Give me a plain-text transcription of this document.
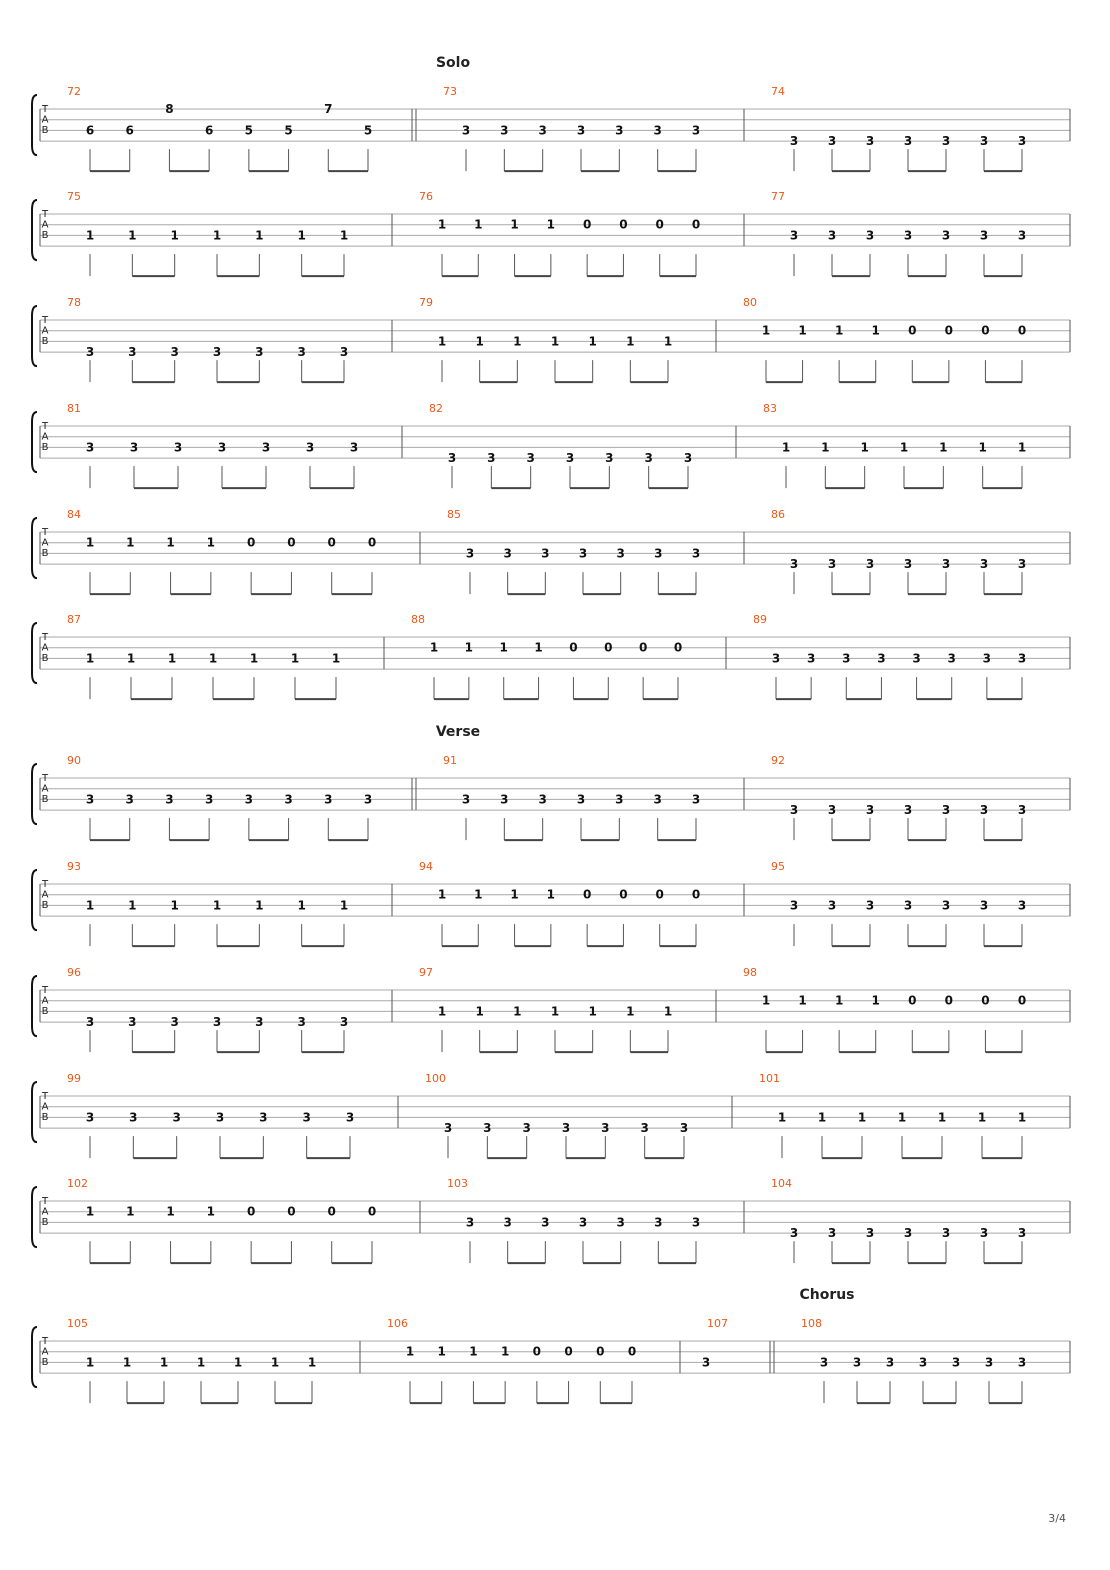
T
A
B
Solo
72
6	6
8
6	5	5
7
5
73
3 3 3 3 3 3 3
74
3 3 3 3 3 3 3
T
A
B
75
1	1	1	1	1	1	1
76
1 1 1 1 0 0 0 0
77
3 3 3 3 3 3 3
T
A
B
78
3	3	3	3	3	3	3
79
1 1 1 1 1 1 1
80
1 1 1 1 0 0 0 0
T
A
B
81
3	3	3	3	3	3	3
82
3	3	3	3	3	3	3
83
1	1	1	1	1	1	1
T
A
B
84
1	1	1	1	0	0	0	0
85
3 3 3 3 3 3 3
86
3 3 3 3 3 3 3
T
A
B
87
1	1	1	1	1	1	1
88
1 1 1 1 0 0 0 0
89
3 3 3 3 3 3 3 3
T
A
B
Verse
90
3	3	3	3	3	3	3	3
91
3 3 3 3 3 3 3
92
3 3 3 3 3 3 3
T
A
B
93
1	1	1	1	1	1	1
94
1 1 1 1 0 0 0 0
95
3 3 3 3 3 3 3
T
A
B
96
3	3	3	3	3	3	3
97
1 1 1 1 1 1 1
98
1 1 1 1 0 0 0 0
T
A
B
99
3	3	3	3	3	3	3
100
3	3	3	3	3	3	3
101
1	1	1	1	1	1	1
T
A
B
102
1	1	1	1	0	0	0	0
103
3 3 3 3 3 3 3
104
3 3 3 3 3 3 3
T
A
B
Chorus
105
1 1 1 1 1 1 1
106
1 1 1 1 0 0 0 0
107
3
108
3 3 3 3 3 3 3
3/4
